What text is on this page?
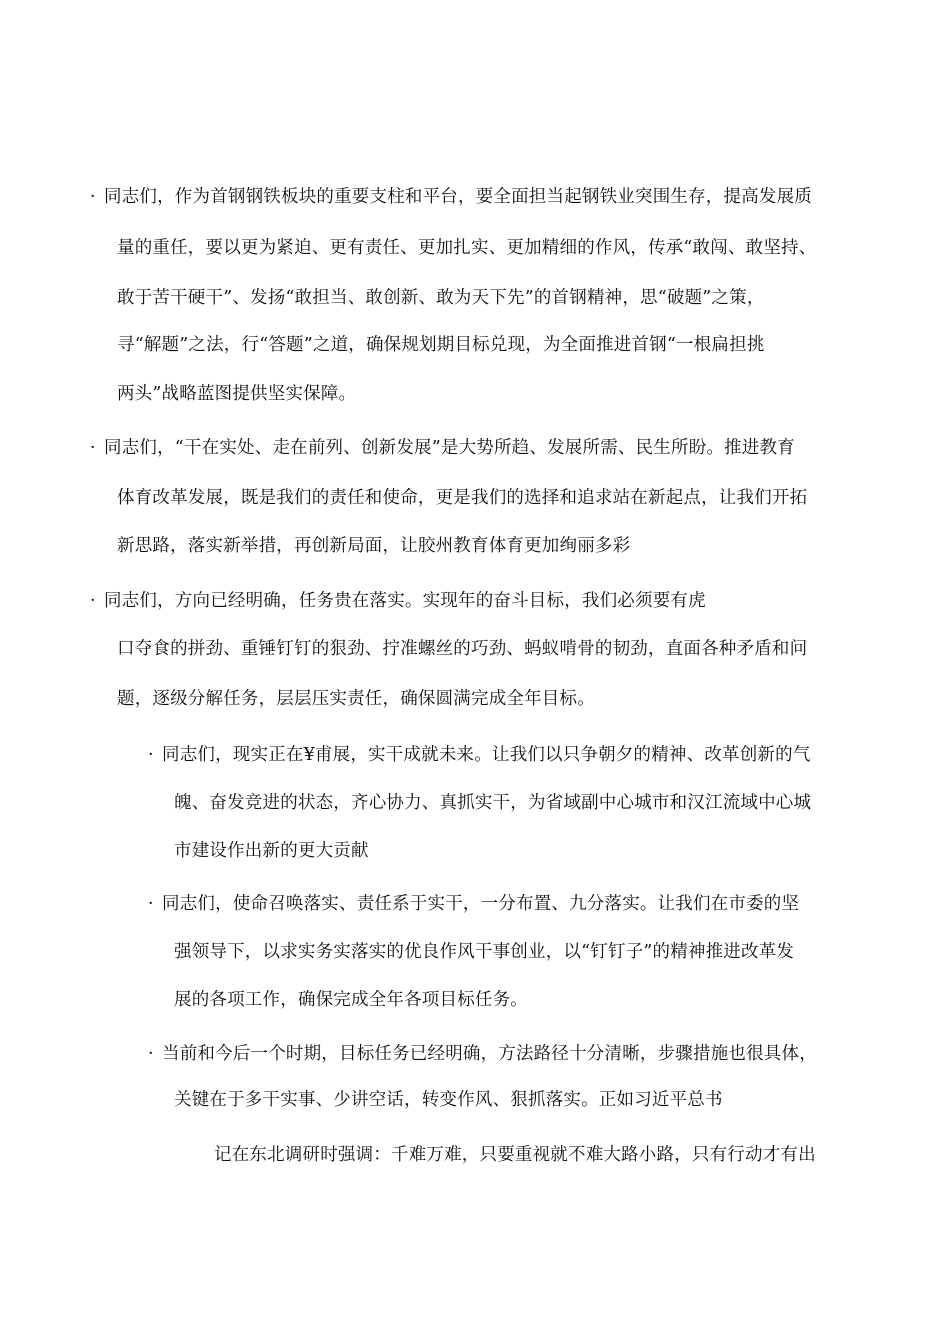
· 同志们，作为首钢钢铁板块的重要支柱和平台，要全面担当起钢铁业突围生存，提高发展质
量的重任，要以更为紧迫、更有责任、更加扎实、更加精细的作风，传承“敢闯、敢坚持、
敢于苦干硬干”、发扬“敢担当、敢创新、敢为天下先”的首钢精神，思“破题”之策，
寻“解题”之法，行“答题”之道，确保规划期目标兑现，为全面推进首钢“一根扁担挑
两头”战略蓝图提供坚实保障。
· 同志们，“干在实处、走在前列、创新发展”是大势所趋、发展所需、民生所盼。推进教育
体育改革发展，既是我们的责任和使命，更是我们的选择和追求站在新起点，让我们开拓
新思路，落实新举措，再创新局面，让胶州教育体育更加绚丽多彩
· 同志们，方向已经明确，任务贵在落实。实现年的奋斗目标，我们必须要有虎
口夺食的拼劲、重锤钉钉的狠劲、拧准螺丝的巧劲、蚂蚁啃骨的韧劲，直面各种矛盾和问
题，逐级分解任务，层层压实责任，确保圆满完成全年目标。
· 同志们，现实正在¥甫展，实干成就未来。让我们以只争朝夕的精神、改革创新的气
魄、奋发竞进的状态，齐心协力、真抓实干，为省域副中心城市和汉江流域中心城
市建设作出新的更大贡献
· 同志们，使命召唤落实、责任系于实干，一分布置、九分落实。让我们在市委的坚
强领导下，以求实务实落实的优良作风干事创业，以“钉钉子”的精神推进改革发
展的各项工作，确保完成全年各项目标任务。
· 当前和今后一个时期，目标任务已经明确，方法路径十分清晰，步骤措施也很具体，
关键在于多干实事、少讲空话，转变作风、狠抓落实。正如习近平总书
记在东北调研时强调：千难万难，只要重视就不难大路小路，只有行动才有出
